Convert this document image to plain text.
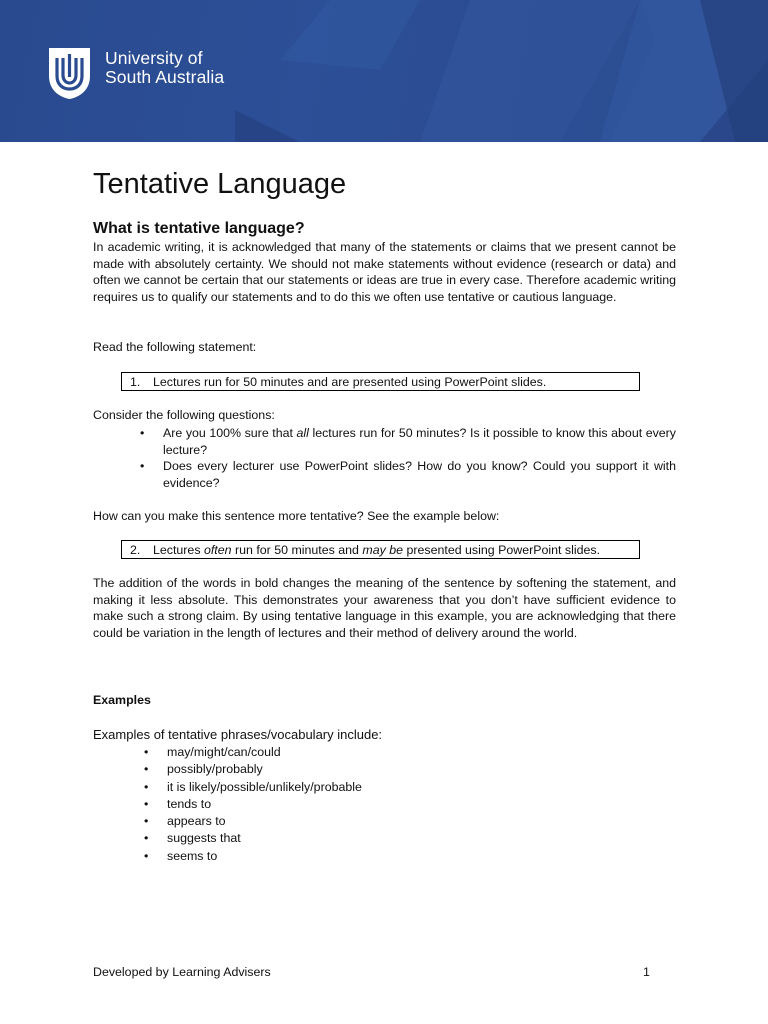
University of
South Australia
Tentative Language
What is tentative language?

In academic writing, it is acknowledged that many of the statements or claims that we present cannot be made with absolutely certainty. We should not make statements without evidence (research or data) and often we cannot be certain that our statements or ideas are true in every case. Therefore academic writing requires us to qualify our statements and to do this we often use tentative or cautious language.

Read the following statement:

1. Lectures run for 50 minutes and are presented using PowerPoint slides.

Consider the following questions:

• Are you 100% sure that all lectures run for 50 minutes? Is it possible to know this about every lecture?
• Does every lecturer use PowerPoint slides? How do you know? Could you support it with evidence?

How can you make this sentence more tentative? See the example below:

2. Lectures often run for 50 minutes and may be presented using PowerPoint slides.

The addition of the words in bold changes the meaning of the sentence by softening the statement, and making it less absolute. This demonstrates your awareness that you don’t have sufficient evidence to make such a strong claim. By using tentative language in this example, you are acknowledging that there could be variation in the length of lectures and their method of delivery around the world.

Examples

Examples of tentative phrases/vocabulary include:

• may/might/can/could
• possibly/probably
• it is likely/possible/unlikely/probable
• tends to
• appears to
• suggests that
• seems to
Developed by Learning Advisers	1
